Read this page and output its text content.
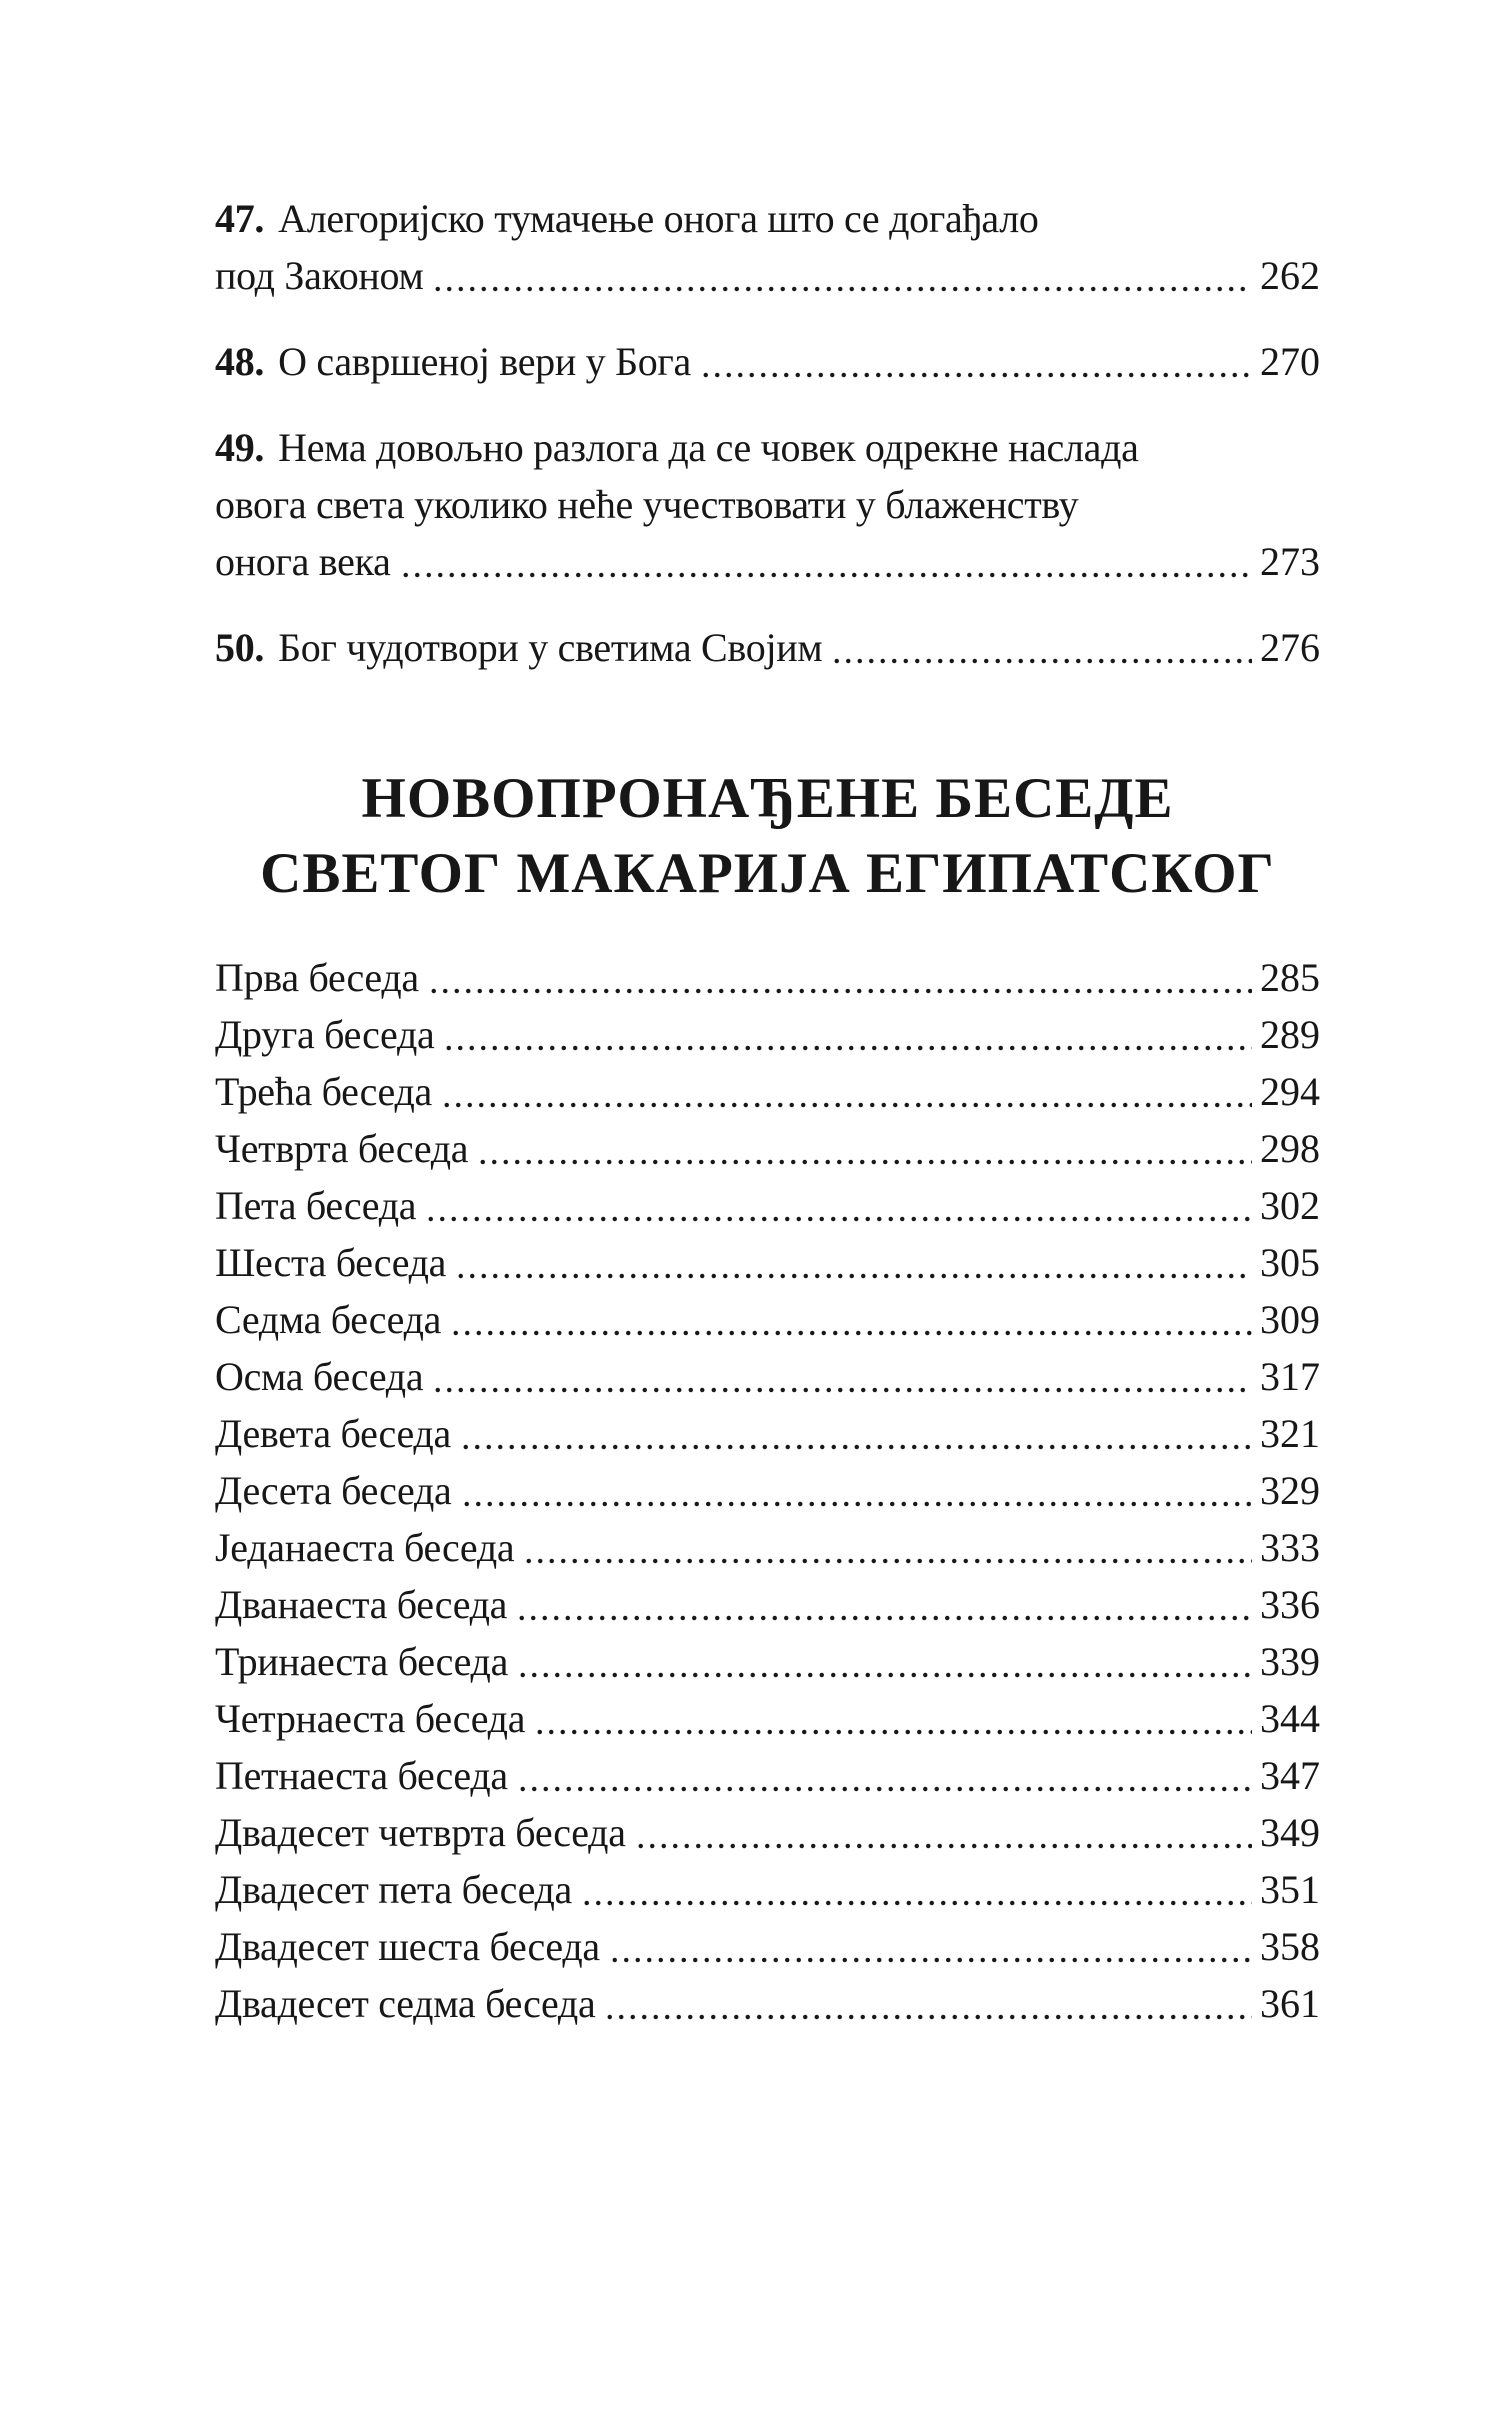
47. Алегоријско тумачење онога што се догађало
под Законом	262
48. О савршеној вери у Бога	270
49. Нема довољно разлога да се човек одрекне наслада
овога света уколико неће учествовати у блаженству
онога века	273
50. Бог чудотвори у светима Својим	276
НОВОПРОНАЂЕНЕ БЕСЕДЕ
СВЕТОГ МАКАРИЈА ЕГИПАТСКОГ
Прва беседа	285
Друга беседа	289
Трећа беседа	294
Четврта беседа	298
Пета беседа	302
Шеста беседа	305
Седма беседа	309
Осма беседа	317
Девета беседа	321
Десета беседа	329
Једанаеста беседа	333
Дванаеста беседа	336
Тринаеста беседа	339
Четрнаеста беседа	344
Петнаеста беседа	347
Двадесет четврта беседа	349
Двадесет пета беседа	351
Двадесет шеста беседа	358
Двадесет седма беседа	361
